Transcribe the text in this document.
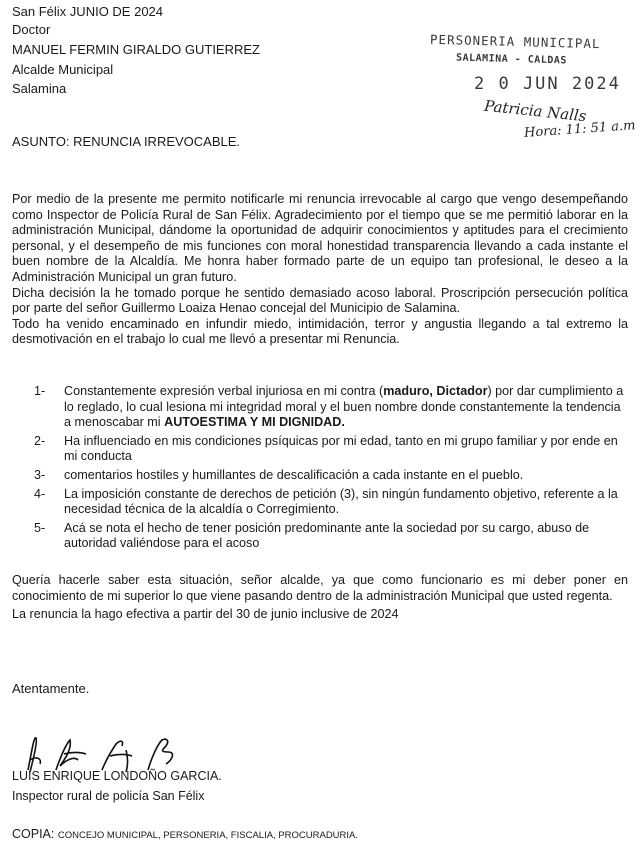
San Félix JUNIO DE 2024
Doctor
MANUEL FERMIN GIRALDO GUTIERREZ
Alcalde Municipal
Salamina
PERSONERIA MUNICIPAL
SALAMINA - CALDAS
2 0 JUN 2024
Patricia Nalls
Hora: 11: 51 a.m
ASUNTO: RENUNCIA IRREVOCABLE.

Por medio de la presente me permito notificarle mi renuncia irrevocable al cargo que vengo desempeñando como Inspector de Policía Rural de San Félix. Agradecimiento por el tiempo que se me permitió laborar en la administración Municipal, dándome la oportunidad de adquirir conocimientos y aptitudes para el crecimiento personal, y el desempeño de mis funciones con moral honestidad transparencia llevando a cada instante el buen nombre de la Alcaldía. Me honra haber formado parte de un equipo tan profesional, le deseo a la Administración Municipal un gran futuro.

Dicha decisión la he tomado porque he sentido demasiado acoso laboral. Proscripción persecución política por parte del señor Guillermo Loaiza Henao concejal del Municipio de Salamina.

Todo ha venido encaminado en infundir miedo, intimidación, terror y angustia llegando a tal extremo la desmotivación en el trabajo lo cual me llevó a presentar mi Renuncia.

1-	Constantemente expresión verbal injuriosa en mi contra (maduro, Dictador) por dar cumplimiento a lo reglado, lo cual lesiona mi integridad moral y el buen nombre donde constantemente la tendencia a menoscabar mi AUTOESTIMA Y MI DIGNIDAD.
2-	Ha influenciado en mis condiciones psíquicas por mi edad, tanto en mi grupo familiar y por ende en mi conducta
3-	comentarios hostiles y humillantes de descalificación a cada instante en el pueblo.
4-	La imposición constante de derechos de petición (3), sin ningún fundamento objetivo, referente a la necesidad técnica de la alcaldía o Corregimiento.
5-	Acá se nota el hecho de tener posición predominante ante la sociedad por su cargo, abuso de autoridad valiéndose para el acoso

Quería hacerle saber esta situación, señor alcalde, ya que como funcionario es mi deber poner en conocimiento de mi superior lo que viene pasando dentro de la administración Municipal que usted regenta.

La renuncia la hago efectiva a partir del 30 de junio inclusive de 2024

Atentamente.
LUIS ENRIQUE LONDOÑO GARCIA.
Inspector rural de policía San Félix
COPIA: CONCEJO MUNICIPAL, PERSONERIA, FISCALIA, PROCURADURIA.
